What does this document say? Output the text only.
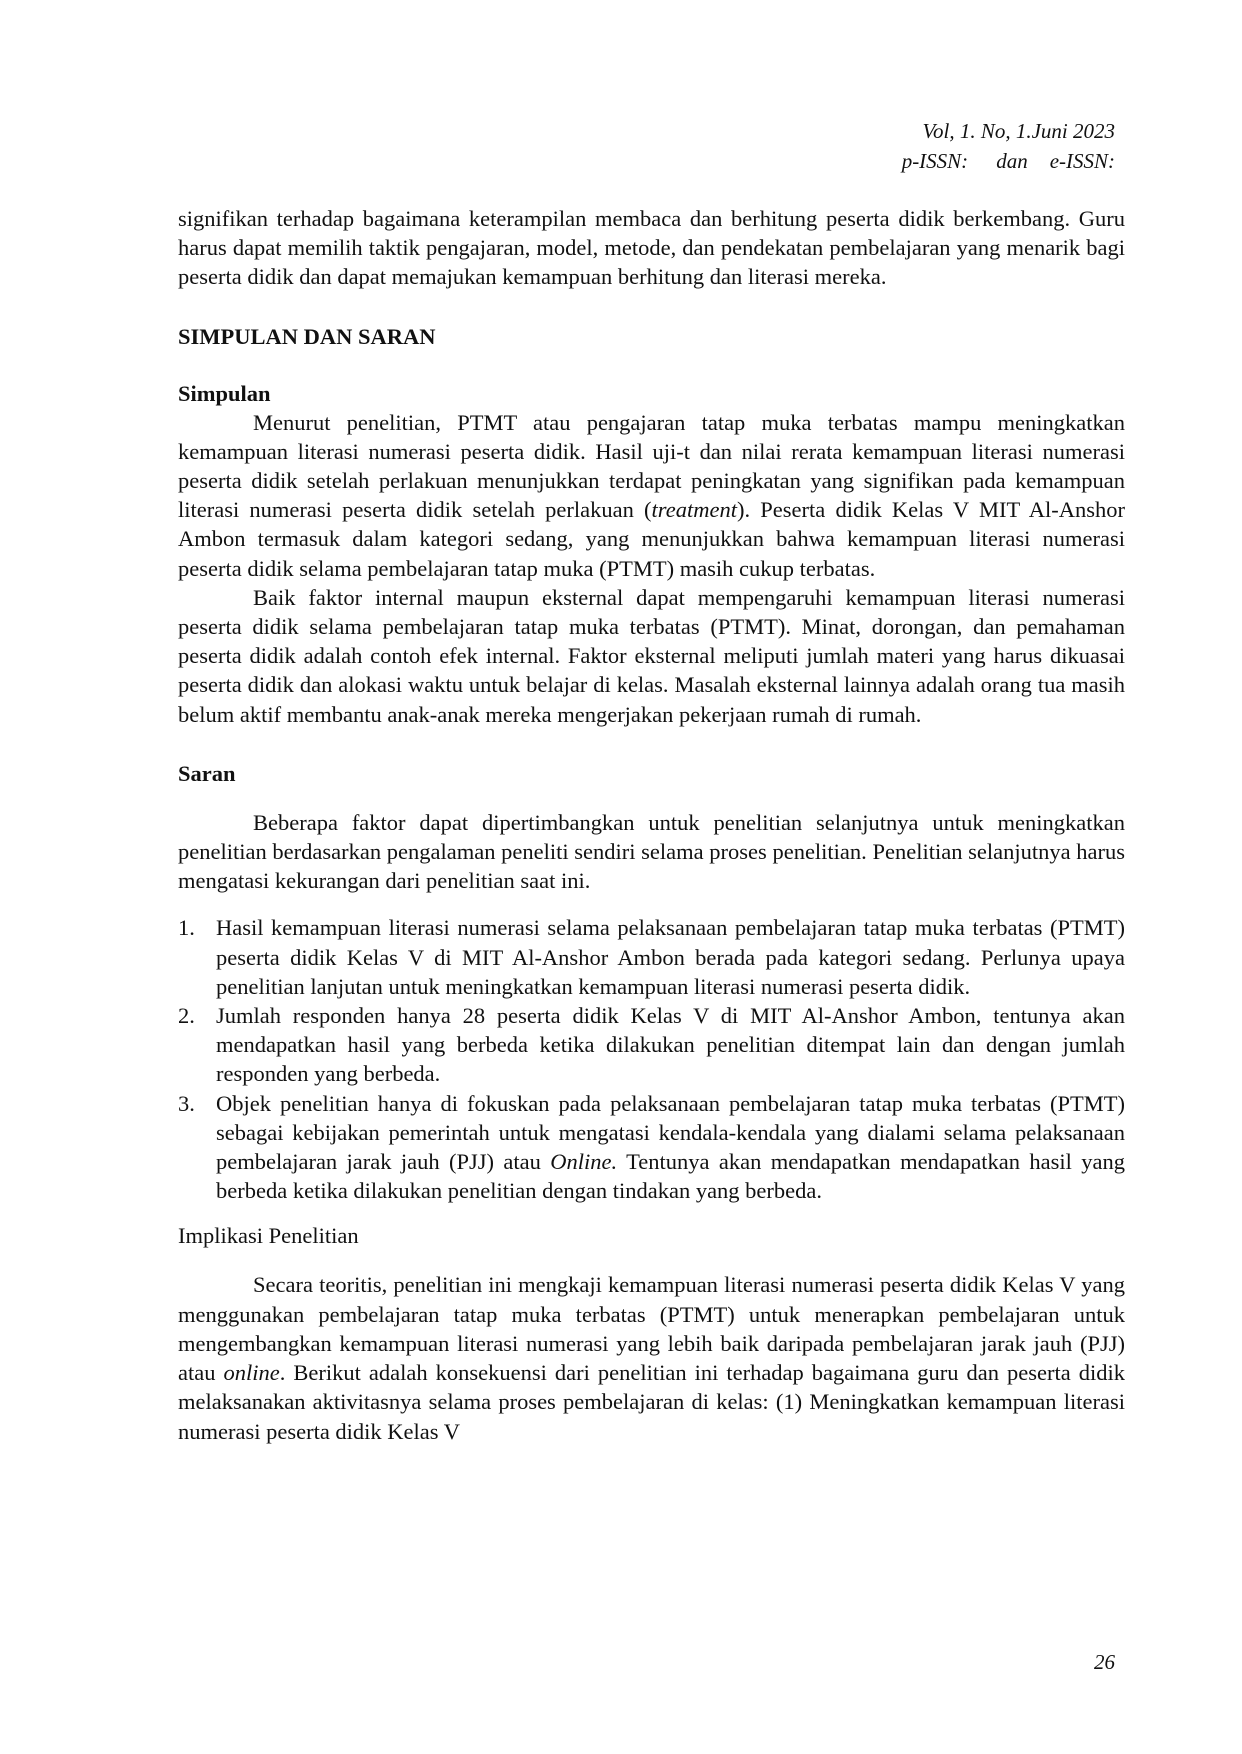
Vol, 1. No, 1.Juni 2023
p-ISSN: dan e-ISSN:

signifikan terhadap bagaimana keterampilan membaca dan berhitung peserta didik berkembang. Guru harus dapat memilih taktik pengajaran, model, metode, dan pendekatan pembelajaran yang menarik bagi peserta didik dan dapat memajukan kemampuan berhitung dan literasi mereka.

SIMPULAN DAN SARAN
Simpulan

Menurut penelitian, PTMT atau pengajaran tatap muka terbatas mampu meningkatkan kemampuan literasi numerasi peserta didik. Hasil uji-t dan nilai rerata kemampuan literasi numerasi peserta didik setelah perlakuan menunjukkan terdapat peningkatan yang signifikan pada kemampuan literasi numerasi peserta didik setelah perlakuan (treatment). Peserta didik Kelas V MIT Al-Anshor Ambon termasuk dalam kategori sedang, yang menunjukkan bahwa kemampuan literasi numerasi peserta didik selama pembelajaran tatap muka (PTMT) masih cukup terbatas.

Baik faktor internal maupun eksternal dapat mempengaruhi kemampuan literasi numerasi peserta didik selama pembelajaran tatap muka terbatas (PTMT). Minat, dorongan, dan pemahaman peserta didik adalah contoh efek internal. Faktor eksternal meliputi jumlah materi yang harus dikuasai peserta didik dan alokasi waktu untuk belajar di kelas. Masalah eksternal lainnya adalah orang tua masih belum aktif membantu anak-anak mereka mengerjakan pekerjaan rumah di rumah.

Saran

Beberapa faktor dapat dipertimbangkan untuk penelitian selanjutnya untuk meningkatkan penelitian berdasarkan pengalaman peneliti sendiri selama proses penelitian. Penelitian selanjutnya harus mengatasi kekurangan dari penelitian saat ini.

1. Hasil kemampuan literasi numerasi selama pelaksanaan pembelajaran tatap muka terbatas (PTMT) peserta didik Kelas V di MIT Al-Anshor Ambon berada pada kategori sedang. Perlunya upaya penelitian lanjutan untuk meningkatkan kemampuan literasi numerasi peserta didik.
2. Jumlah responden hanya 28 peserta didik Kelas V di MIT Al-Anshor Ambon, tentunya akan mendapatkan hasil yang berbeda ketika dilakukan penelitian ditempat lain dan dengan jumlah responden yang berbeda.
3. Objek penelitian hanya di fokuskan pada pelaksanaan pembelajaran tatap muka terbatas (PTMT) sebagai kebijakan pemerintah untuk mengatasi kendala-kendala yang dialami selama pelaksanaan pembelajaran jarak jauh (PJJ) atau Online. Tentunya akan mendapatkan mendapatkan hasil yang berbeda ketika dilakukan penelitian dengan tindakan yang berbeda.
Implikasi Penelitian

Secara teoritis, penelitian ini mengkaji kemampuan literasi numerasi peserta didik Kelas V yang menggunakan pembelajaran tatap muka terbatas (PTMT) untuk menerapkan pembelajaran untuk mengembangkan kemampuan literasi numerasi yang lebih baik daripada pembelajaran jarak jauh (PJJ) atau online. Berikut adalah konsekuensi dari penelitian ini terhadap bagaimana guru dan peserta didik melaksanakan aktivitasnya selama proses pembelajaran di kelas: (1) Meningkatkan kemampuan literasi numerasi peserta didik Kelas V

26
